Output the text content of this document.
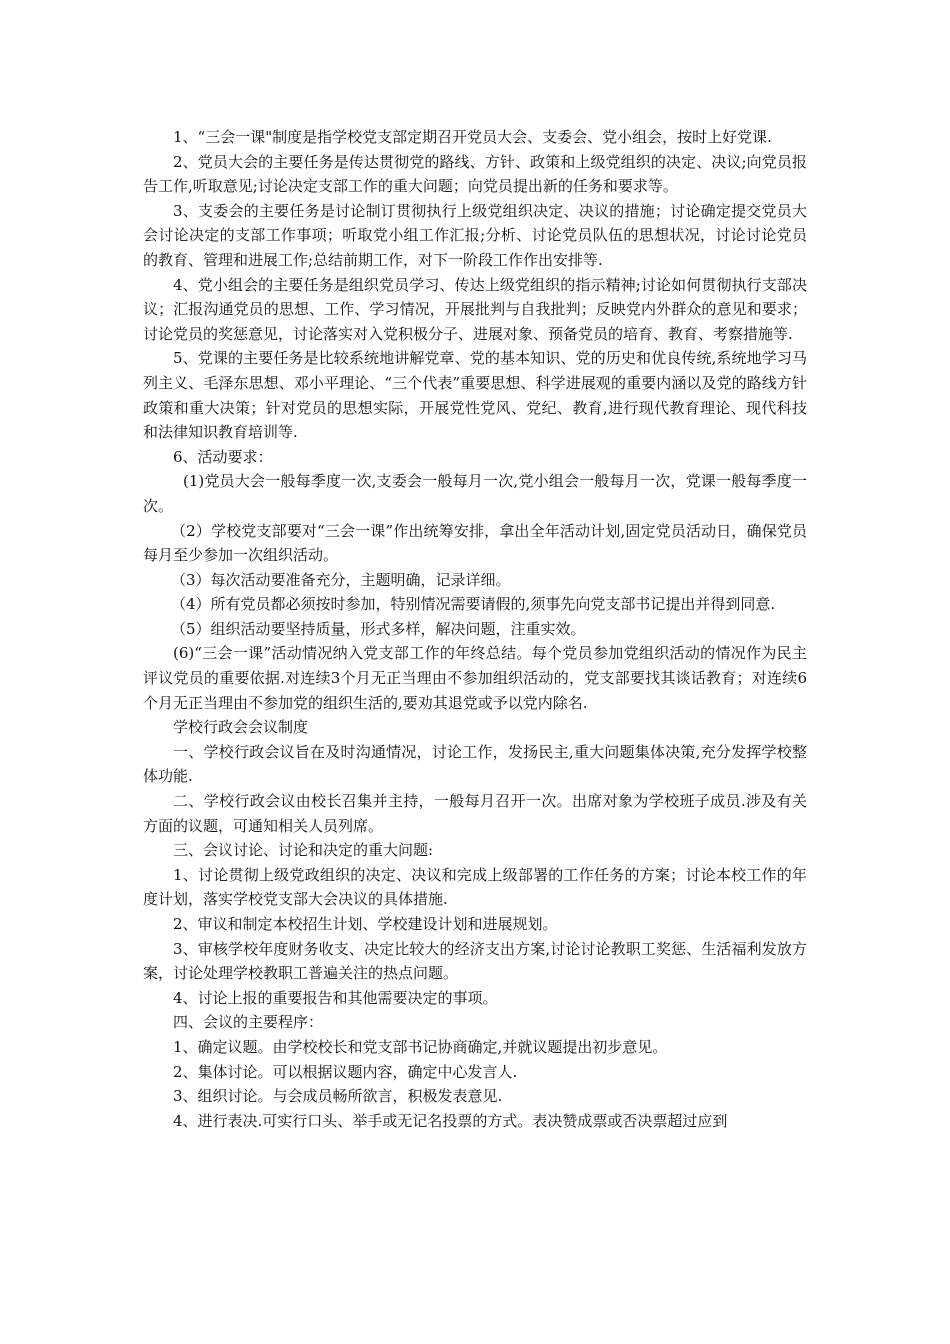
1、“三会一课"制度是指学校党支部定期召开党员大会、支委会、党小组会，按时上好党课.

2、党员大会的主要任务是传达贯彻党的路线、方针、政策和上级党组织的决定、决议;向党员报告工作,听取意见;讨论决定支部工作的重大问题；向党员提出新的任务和要求等。

3、支委会的主要任务是讨论制订贯彻执行上级党组织决定、决议的措施；讨论确定提交党员大会讨论决定的支部工作事项；听取党小组工作汇报;分析、讨论党员队伍的思想状况，讨论讨论党员的教育、管理和进展工作;总结前期工作，对下一阶段工作作出安排等.

4、党小组会的主要任务是组织党员学习、传达上级党组织的指示精神;讨论如何贯彻执行支部决议；汇报沟通党员的思想、工作、学习情况，开展批判与自我批判；反映党内外群众的意见和要求；讨论党员的奖惩意见，讨论落实对入党积极分子、进展对象、预备党员的培育、教育、考察措施等.

5、党课的主要任务是比较系统地讲解党章、党的基本知识、党的历史和优良传统,系统地学习马列主义、毛泽东思想、邓小平理论、“三个代表”重要思想、科学进展观的重要内涵以及党的路线方针政策和重大决策；针对党员的思想实际，开展党性党风、党纪、教育,进行现代教育理论、现代科技和法律知识教育培训等.

6、活动要求：

(1)党员大会一般每季度一次,支委会一般每月一次,党小组会一般每月一次，党课一般每季度一次。

（2）学校党支部要对“三会一课”作出统筹安排，拿出全年活动计划,固定党员活动日，确保党员每月至少参加一次组织活动。

（3）每次活动要准备充分，主题明确，记录详细。

（4）所有党员都必须按时参加，特别情况需要请假的,须事先向党支部书记提出并得到同意.

（5）组织活动要坚持质量，形式多样，解决问题，注重实效。

(6)“三会一课”活动情况纳入党支部工作的年终总结。每个党员参加党组织活动的情况作为民主评议党员的重要依据.对连续3个月无正当理由不参加组织活动的，党支部要找其谈话教育；对连续6个月无正当理由不参加党的组织生活的,要劝其退党或予以党内除名.

学校行政会会议制度

一、学校行政会议旨在及时沟通情况，讨论工作，发扬民主,重大问题集体决策,充分发挥学校整体功能.

二、学校行政会议由校长召集并主持，一般每月召开一次。出席对象为学校班子成员.涉及有关方面的议题，可通知相关人员列席。

三、会议讨论、讨论和决定的重大问题:

1、讨论贯彻上级党政组织的决定、决议和完成上级部署的工作任务的方案；讨论本校工作的年度计划，落实学校党支部大会决议的具体措施.

2、审议和制定本校招生计划、学校建设计划和进展规划。

3、审核学校年度财务收支、决定比较大的经济支出方案,讨论讨论教职工奖惩、生活福利发放方案，讨论处理学校教职工普遍关注的热点问题。

4、讨论上报的重要报告和其他需要决定的事项。

四、会议的主要程序：

1、确定议题。由学校校长和党支部书记协商确定,并就议题提出初步意见。

2、集体讨论。可以根据议题内容，确定中心发言人.

3、组织讨论。与会成员畅所欲言，积极发表意见.

4、进行表决.可实行口头、举手或无记名投票的方式。表决赞成票或否决票超过应到
